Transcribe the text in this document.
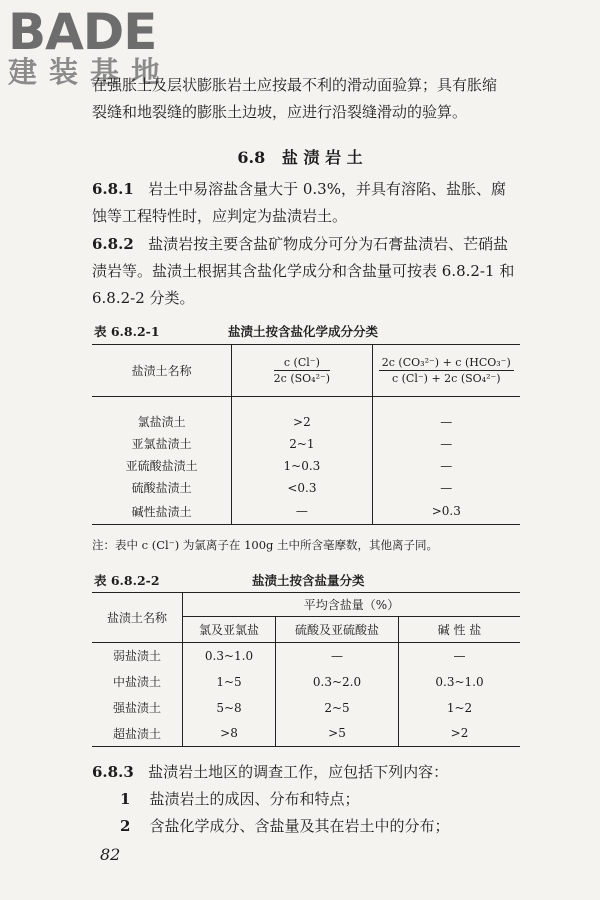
BADE
建装基地
在强胀土及层状膨胀岩土应按最不利的滑动面验算；具有胀缩
裂缝和地裂缝的膨胀土边坡，应进行沿裂缝滑动的验算。
6.8 盐 渍 岩 土
6.8.1 岩土中易溶盐含量大于 0.3%，并具有溶陷、盐胀、腐
蚀等工程特性时，应判定为盐渍岩土。
6.8.2 盐渍岩按主要含盐矿物成分可分为石膏盐渍岩、芒硝盐
渍岩等。盐渍土根据其含盐化学成分和含盐量可按表 6.8.2-1 和
6.8.2-2 分类。
表 6.8.2-1	盐渍土按含盐化学成分分类
盐渍土名称	$\frac{c (Cl^-)}{\text{2c (SO₄²⁻)}}$	$\frac{\text{2c (CO₃²⁻) + c (HCO₃⁻)}}{\text{c (Cl⁻) + 2c (SO₄²⁻)}}$

氯盐渍土	>2	—
亚氯盐渍土	2~1	—
亚硫酸盐渍土	1~0.3	—
硫酸盐渍土	<0.3	—
碱性盐渍土	—	>0.3
注：表中 c (Cl⁻) 为氯离子在 100g 土中所含毫摩数，其他离子同。
表 6.8.2-2	盐渍土按含盐量分类
盐渍土名称	平均含盐量（%）		
	氯及亚氯盐	硫酸及亚硫酸盐	碱 性 盐
弱盐渍土	0.3~1.0	—	—
中盐渍土	1~5	0.3~2.0	0.3~1.0
强盐渍土	5~8	2~5	1~2
超盐渍土	>8	>5	>2
6.8.3 盐渍岩土地区的调查工作，应包括下列内容：
1 盐渍岩土的成因、分布和特点；
2 含盐化学成分、含盐量及其在岩土中的分布；
82
